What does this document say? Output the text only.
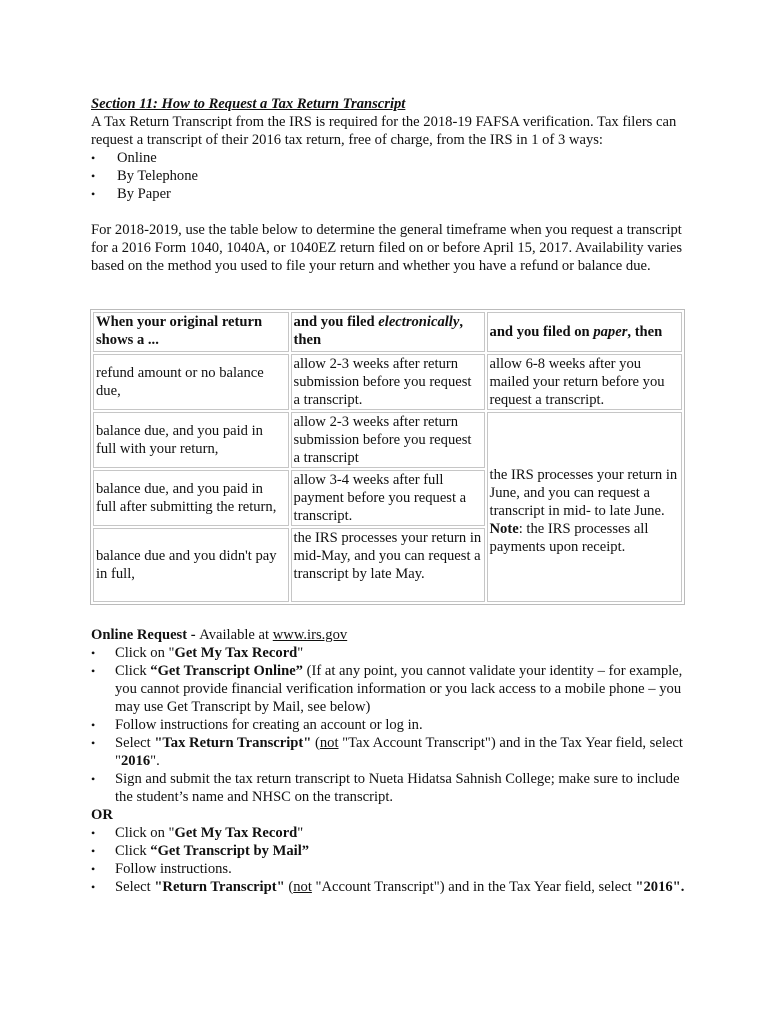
Section 11: How to Request a Tax Return Transcript

A Tax Return Transcript from the IRS is required for the 2018-19 FAFSA verification. Tax filers can request a transcript of their 2016 tax return, free of charge, from the IRS in 1 of 3 ways:

• Online
• By Telephone
• By Paper

For 2018-2019, use the table below to determine the general timeframe when you request a transcript for a 2016 Form 1040, 1040A, or 1040EZ return filed on or before April 15, 2017. Availability varies based on the method you used to file your return and whether you have a refund or balance due.

When your original return shows a ...	and you filed electronically, then	and you filed on paper, then
refund amount or no balance due,	allow 2-3 weeks after return submission before you request a transcript.	allow 6-8 weeks after you mailed your return before you request a transcript.
balance due, and you paid in full with your return,	allow 2-3 weeks after return submission before you request a transcript	the IRS processes your return in June, and you can request a transcript in mid- to late June. Note: the IRS processes all payments upon receipt.

balance due, and you paid in full after submitting the return,	allow 3-4 weeks after full payment before you request a transcript.	
balance due and you didn't pay in full,	the IRS processes your return in mid-May, and you can request a transcript by late May.	

Online Request - Available at www.irs.gov

• Click on "Get My Tax Record"
• Click “Get Transcript Online” (If at any point, you cannot validate your identity – for example, you cannot provide financial verification information or you lack access to a mobile phone – you may use Get Transcript by Mail, see below)
• Follow instructions for creating an account or log in.
• Select "Tax Return Transcript" (not "Tax Account Transcript") and in the Tax Year field, select "2016".
• Sign and submit the tax return transcript to Nueta Hidatsa Sahnish College; make sure to include the student’s name and NHSC on the transcript.

OR

• Click on "Get My Tax Record"
• Click “Get Transcript by Mail”
• Follow instructions.
• Select "Return Transcript" (not "Account Transcript") and in the Tax Year field, select "2016".
